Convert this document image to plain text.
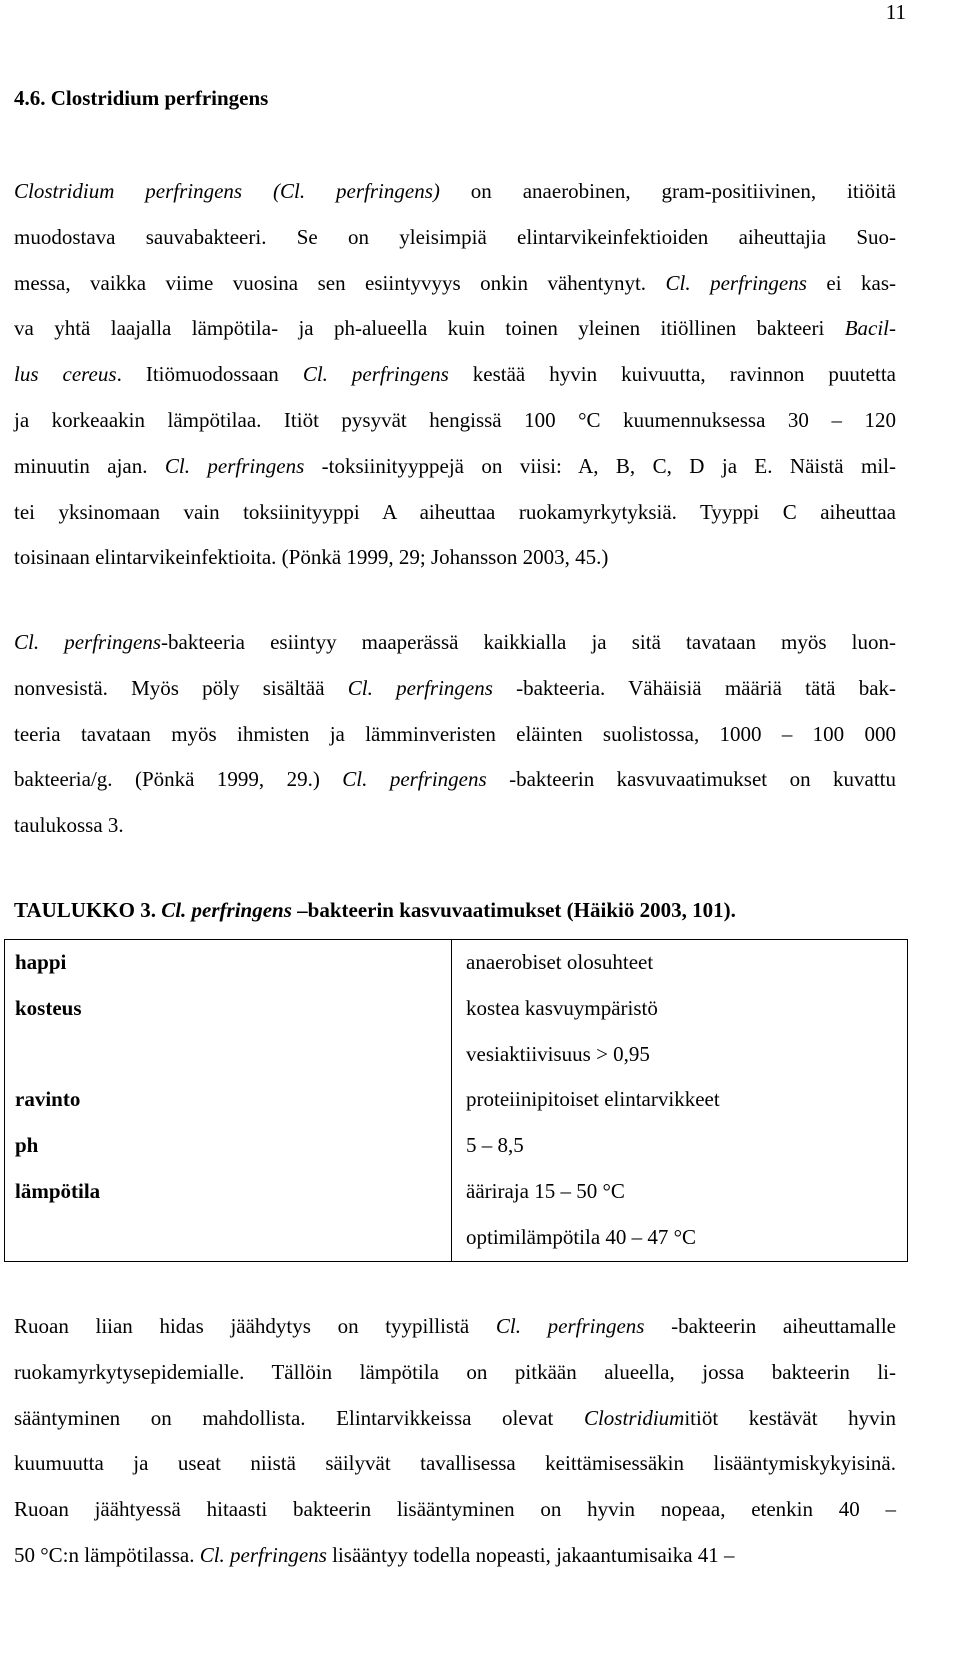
11
4.6. Clostridium perfringens
Clostridium perfringens (Cl. perfringens) on anaerobinen, gram-positiivinen, itiöitä
muodostava sauvabakteeri. Se on yleisimpiä elintarvikeinfektioiden aiheuttajia Suo-
messa, vaikka viime vuosina sen esiintyvyys onkin vähentynyt. Cl. perfringens ei kas-
va yhtä laajalla lämpötila- ja ph-alueella kuin toinen yleinen itiöllinen bakteeri Bacil-
lus cereus. Itiömuodossaan Cl. perfringens kestää hyvin kuivuutta, ravinnon puutetta
ja korkeaakin lämpötilaa. Itiöt pysyvät hengissä 100 °C kuumennuksessa 30 – 120
minuutin ajan. Cl. perfringens -toksiinityyppejä on viisi: A, B, C, D ja E. Näistä mil-
tei yksinomaan vain toksiinityyppi A aiheuttaa ruokamyrkytyksiä. Tyyppi C aiheuttaa
toisinaan elintarvikeinfektioita. (Pönkä 1999, 29; Johansson 2003, 45.)
Cl. perfringens-bakteeria esiintyy maaperässä kaikkialla ja sitä tavataan myös luon-
nonvesistä. Myös pöly sisältää Cl. perfringens -bakteeria. Vähäisiä määriä tätä bak-
teeria tavataan myös ihmisten ja lämminveristen eläinten suolistossa, 1000 – 100 000
bakteeria/g. (Pönkä 1999, 29.) Cl. perfringens -bakteerin kasvuvaatimukset on kuvattu
taulukossa 3.
TAULUKKO 3. Cl. perfringens –bakteerin kasvuvaatimukset (Häikiö 2003, 101).
happi	anaerobiset olosuhteet

kosteus	kostea kasvuympäristö
vesiaktiivisuus > 0,95

ravinto	proteiinipitoiset elintarvikkeet

ph	5 – 8,5

lämpötila	ääriraja 15 – 50 °C
optimilämpötila 40 – 47 °C
Ruoan liian hidas jäähdytys on tyypillistä Cl. perfringens -bakteerin aiheuttamalle
ruokamyrkytysepidemialle. Tällöin lämpötila on pitkään alueella, jossa bakteerin li-
sääntyminen on mahdollista. Elintarvikkeissa olevat Clostridiumitiöt kestävät hyvin
kuumuutta ja useat niistä säilyvät tavallisessa keittämisessäkin lisääntymiskykyisinä.
Ruoan jäähtyessä hitaasti bakteerin lisääntyminen on hyvin nopeaa, etenkin 40 –
50 °C:n lämpötilassa. Cl. perfringens lisääntyy todella nopeasti, jakaantumisaika 41 –
